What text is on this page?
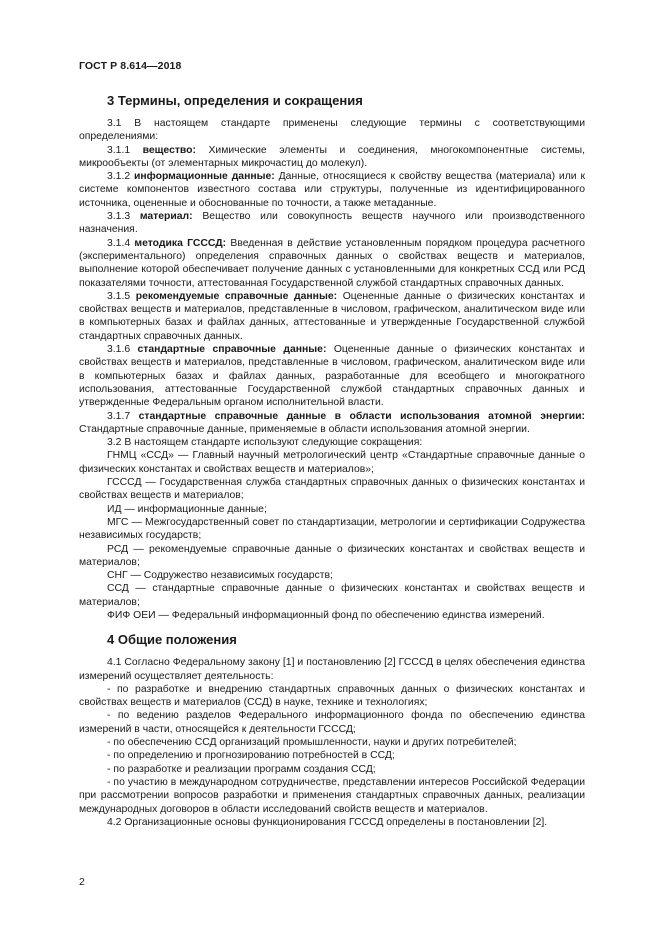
ГОСТ Р 8.614—2018
3 Термины, определения и сокращения

3.1 В настоящем стандарте применены следующие термины с соответствующими определениями:

3.1.1 вещество: Химические элементы и соединения, многокомпонентные системы, микрообъекты (от элементарных микрочастиц до молекул).

3.1.2 информационные данные: Данные, относящиеся к свойству вещества (материала) или к системе компонентов известного состава или структуры, полученные из идентифицированного источника, оцененные и обоснованные по точности, а также метаданные.

3.1.3 материал: Вещество или совокупность веществ научного или производственного назначения.

3.1.4 методика ГСССД: Введенная в действие установленным порядком процедура расчетного (экспериментального) определения справочных данных о свойствах веществ и материалов, выполнение которой обеспечивает получение данных с установленными для конкретных ССД или РСД показателями точности, аттестованная Государственной службой стандартных справочных данных.

3.1.5 рекомендуемые справочные данные: Оцененные данные о физических константах и свойствах веществ и материалов, представленные в числовом, графическом, аналитическом виде или в компьютерных базах и файлах данных, аттестованные и утвержденные Государственной службой стандартных справочных данных.

3.1.6 стандартные справочные данные: Оцененные данные о физических константах и свойствах веществ и материалов, представленные в числовом, графическом, аналитическом виде или в компьютерных базах и файлах данных, разработанные для всеобщего и многократного использования, аттестованные Государственной службой стандартных справочных данных и утвержденные Федеральным органом исполнительной власти.

3.1.7 стандартные справочные данные в области использования атомной энергии: Стандартные справочные данные, применяемые в области использования атомной энергии.

3.2 В настоящем стандарте используют следующие сокращения:

ГНМЦ «ССД» — Главный научный метрологический центр «Стандартные справочные данные о физических константах и свойствах веществ и материалов»;

ГСССД — Государственная служба стандартных справочных данных о физических константах и свойствах веществ и материалов;

ИД — информационные данные;

МГС — Межгосударственный совет по стандартизации, метрологии и сертификации Содружества независимых государств;

РСД — рекомендуемые справочные данные о физических константах и свойствах веществ и материалов;

СНГ — Содружество независимых государств;

ССД — стандартные справочные данные о физических константах и свойствах веществ и материалов;

ФИФ ОЕИ — Федеральный информационный фонд по обеспечению единства измерений.

4 Общие положения

4.1 Согласно Федеральному закону [1] и постановлению [2] ГСССД в целях обеспечения единства измерений осуществляет деятельность:

- по разработке и внедрению стандартных справочных данных о физических константах и свойствах веществ и материалов (ССД) в науке, технике и технологиях;

- по ведению разделов Федерального информационного фонда по обеспечению единства измерений в части, относящейся к деятельности ГСССД;

- по обеспечению ССД организаций промышленности, науки и других потребителей;

- по определению и прогнозированию потребностей в ССД;

- по разработке и реализации программ создания ССД;

- по участию в международном сотрудничестве, представлении интересов Российской Федерации при рассмотрении вопросов разработки и применения стандартных справочных данных, реализации международных договоров в области исследований свойств веществ и материалов.

4.2 Организационные основы функционирования ГСССД определены в постановлении [2].

2
